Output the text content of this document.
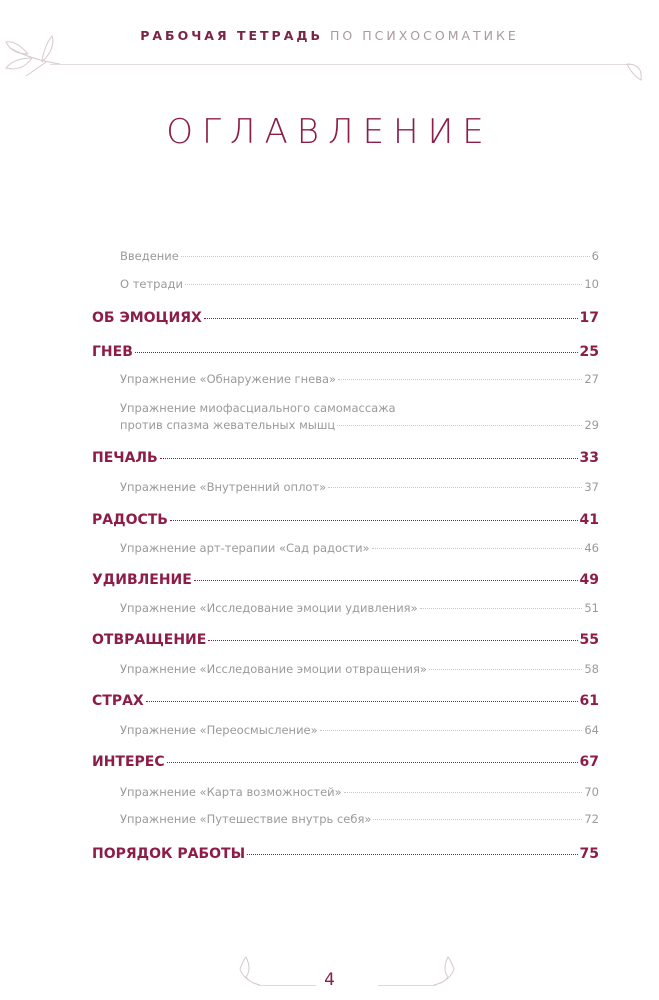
РАБОЧАЯ ТЕТРАДЬ ПО ПСИХОСОМАТИКЕ
ОГЛАВЛЕНИЕ
Введение	6
О тетради	10
ОБ ЭМОЦИЯХ	17
ГНЕВ	25
Упражнение «Обнаружение гнева»	27
Упражнение миофасциального самомассажа
против спазма жевательных мышц	29
ПЕЧАЛЬ	33
Упражнение «Внутренний оплот»	37
РАДОСТЬ	41
Упражнение арт-терапии «Сад радости»	46
УДИВЛЕНИЕ	49
Упражнение «Исследование эмоции удивления»	51
ОТВРАЩЕНИЕ	55
Упражнение «Исследование эмоции отвращения»	58
СТРАХ	61
Упражнение «Переосмысление»	64
ИНТЕРЕС	67
Упражнение «Карта возможностей»	70
Упражнение «Путешествие внутрь себя»	72
ПОРЯДОК РАБОТЫ	75
4
